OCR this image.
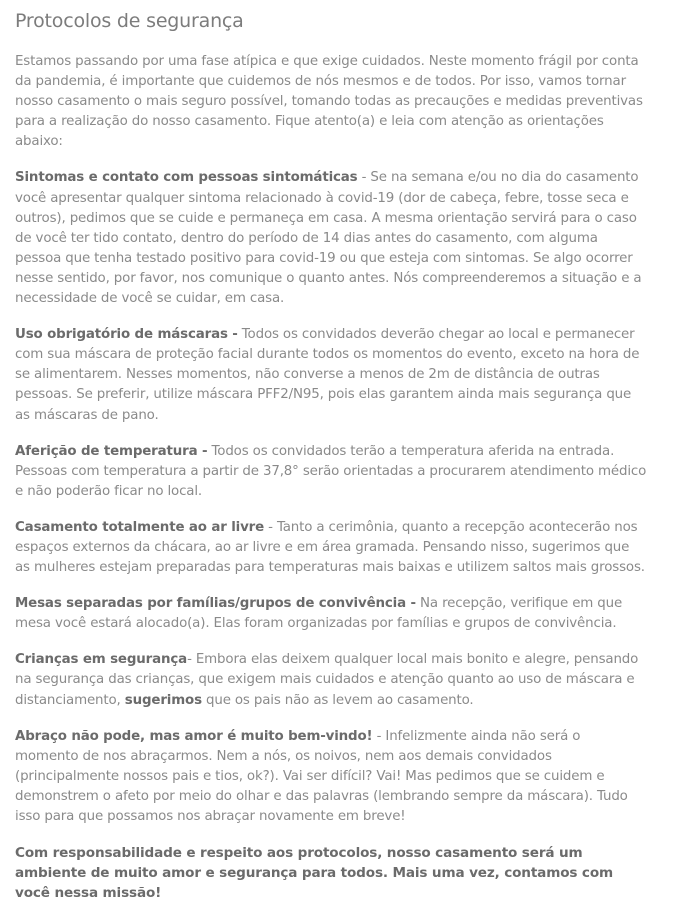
Protocolos de segurança

Estamos passando por uma fase atípica e que exige cuidados. Neste momento frágil por conta da pandemia, é importante que cuidemos de nós mesmos e de todos. Por isso, vamos tornar nosso casamento o mais seguro possível, tomando todas as precauções e medidas preventivas para a realização do nosso casamento. Fique atento(a) e leia com atenção as orientações abaixo:

Sintomas e contato com pessoas sintomáticas - Se na semana e/ou no dia do casamento você apresentar qualquer sintoma relacionado à covid-19 (dor de cabeça, febre, tosse seca e outros), pedimos que se cuide e permaneça em casa. A mesma orientação servirá para o caso de você ter tido contato, dentro do período de 14 dias antes do casamento, com alguma pessoa que tenha testado positivo para covid-19 ou que esteja com sintomas. Se algo ocorrer nesse sentido, por favor, nos comunique o quanto antes. Nós compreenderemos a situação e a necessidade de você se cuidar, em casa.

Uso obrigatório de máscaras - Todos os convidados deverão chegar ao local e permanecer com sua máscara de proteção facial durante todos os momentos do evento, exceto na hora de se alimentarem. Nesses momentos, não converse a menos de 2m de distância de outras pessoas. Se preferir, utilize máscara PFF2/N95, pois elas garantem ainda mais segurança que as máscaras de pano.

Aferição de temperatura - Todos os convidados terão a temperatura aferida na entrada. Pessoas com temperatura a partir de 37,8° serão orientadas a procurarem atendimento médico e não poderão ficar no local.

Casamento totalmente ao ar livre - Tanto a cerimônia, quanto a recepção acontecerão nos espaços externos da chácara, ao ar livre e em área gramada. Pensando nisso, sugerimos que as mulheres estejam preparadas para temperaturas mais baixas e utilizem saltos mais grossos.

Mesas separadas por famílias/grupos de convivência - Na recepção, verifique em que mesa você estará alocado(a). Elas foram organizadas por famílias e grupos de convivência.

Crianças em segurança- Embora elas deixem qualquer local mais bonito e alegre, pensando na segurança das crianças, que exigem mais cuidados e atenção quanto ao uso de máscara e distanciamento, sugerimos que os pais não as levem ao casamento.

Abraço não pode, mas amor é muito bem-vindo! - Infelizmente ainda não será o momento de nos abraçarmos. Nem a nós, os noivos, nem aos demais convidados (principalmente nossos pais e tios, ok?). Vai ser difícil? Vai! Mas pedimos que se cuidem e demonstrem o afeto por meio do olhar e das palavras (lembrando sempre da máscara). Tudo isso para que possamos nos abraçar novamente em breve!

Com responsabilidade e respeito aos protocolos, nosso casamento será um ambiente de muito amor e segurança para todos. Mais uma vez, contamos com você nessa missão!
